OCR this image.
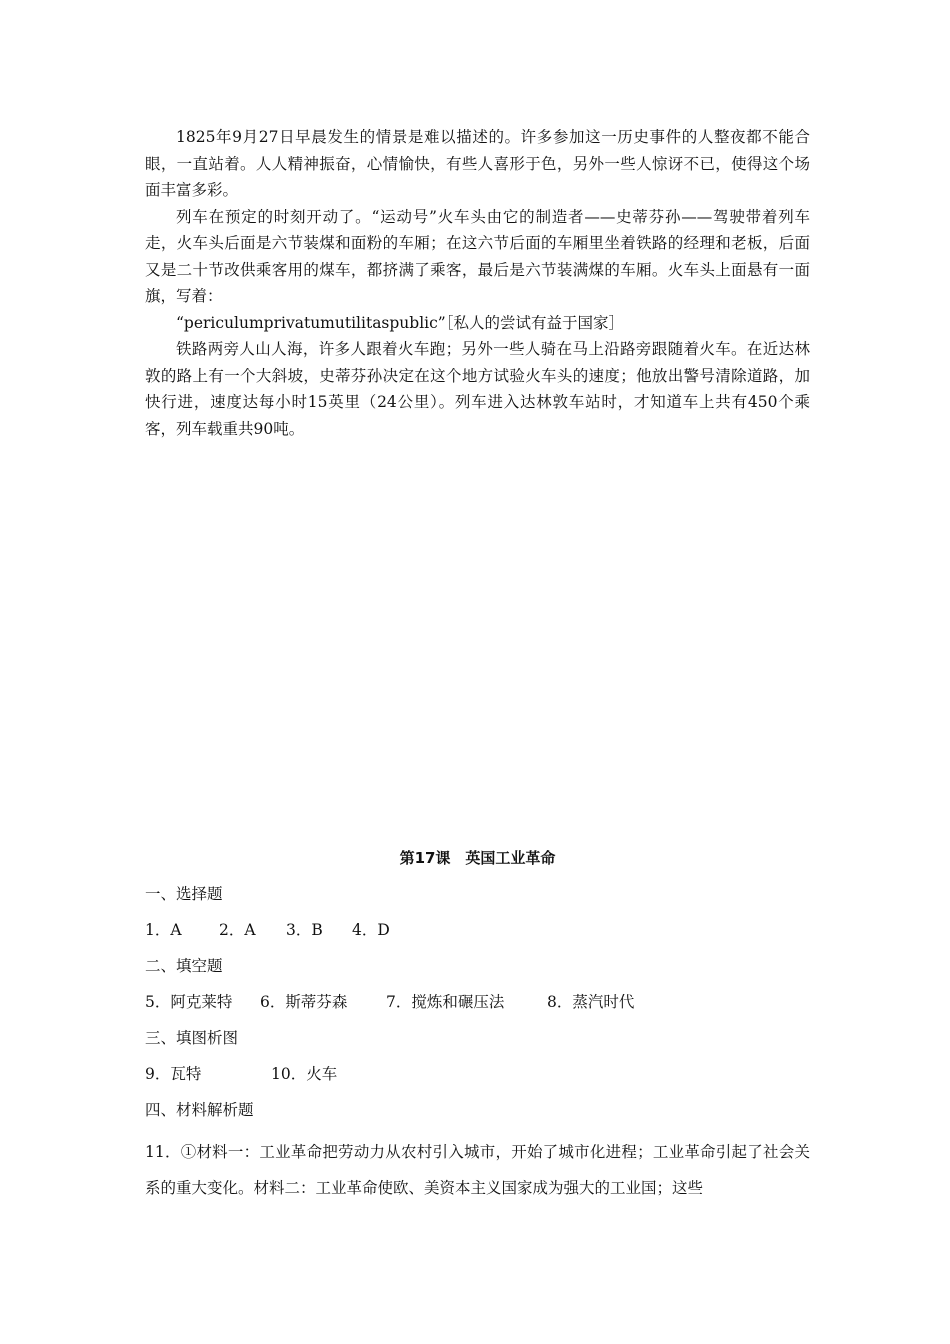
1825年9月27日早晨发生的情景是难以描述的。许多参加这一历史事件的人整夜都不能合眼，一直站着。人人精神振奋，心情愉快，有些人喜形于色，另外一些人惊讶不已，使得这个场面丰富多彩。

列车在预定的时刻开动了。“运动号”火车头由它的制造者——史蒂芬孙——驾驶带着列车走，火车头后面是六节装煤和面粉的车厢；在这六节后面的车厢里坐着铁路的经理和老板，后面又是二十节改供乘客用的煤车，都挤满了乘客，最后是六节装满煤的车厢。火车头上面悬有一面旗，写着：

“periculumprivatumutilitaspublic”［私人的尝试有益于国家］

铁路两旁人山人海，许多人跟着火车跑；另外一些人骑在马上沿路旁跟随着火车。在近达林敦的路上有一个大斜坡，史蒂芬孙决定在这个地方试验火车头的速度；他放出警号清除道路，加快行进，速度达每小时15英里（24公里）。列车进入达林敦车站时，才知道车上共有450个乘客，列车载重共90吨。

第17课　英国工业革命
一、选择题
1．A 2．A 3．B 4．D
二、填空题
5．阿克莱特 6．斯蒂芬森 7．搅炼和碾压法	8．蒸汽时代
三、填图析图
9．瓦特	10．火车
四、材料解析题

11．①材料一：工业革命把劳动力从农村引入城市，开始了城市化进程；工业革命引起了社会关系的重大变化。材料二：工业革命使欧、美资本主义国家成为强大的工业国；这些
